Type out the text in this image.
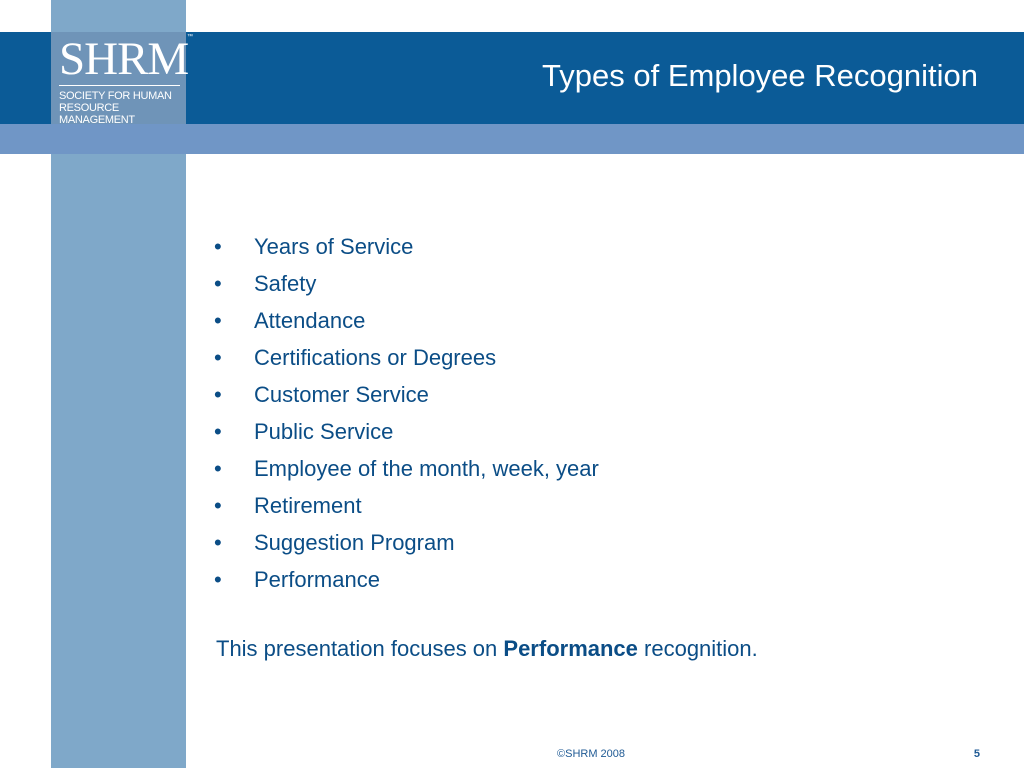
SHRM
™
SOCIETY FOR HUMAN
RESOURCE MANAGEMENT
Types of Employee Recognition
•	Years of Service
•	Safety
•	Attendance
•	Certifications or Degrees
•	Customer Service
•	Public Service
•	Employee of the month, week, year
•	Retirement
•	Suggestion Program
•	Performance
This presentation focuses on Performance recognition.
©SHRM 2008	5
